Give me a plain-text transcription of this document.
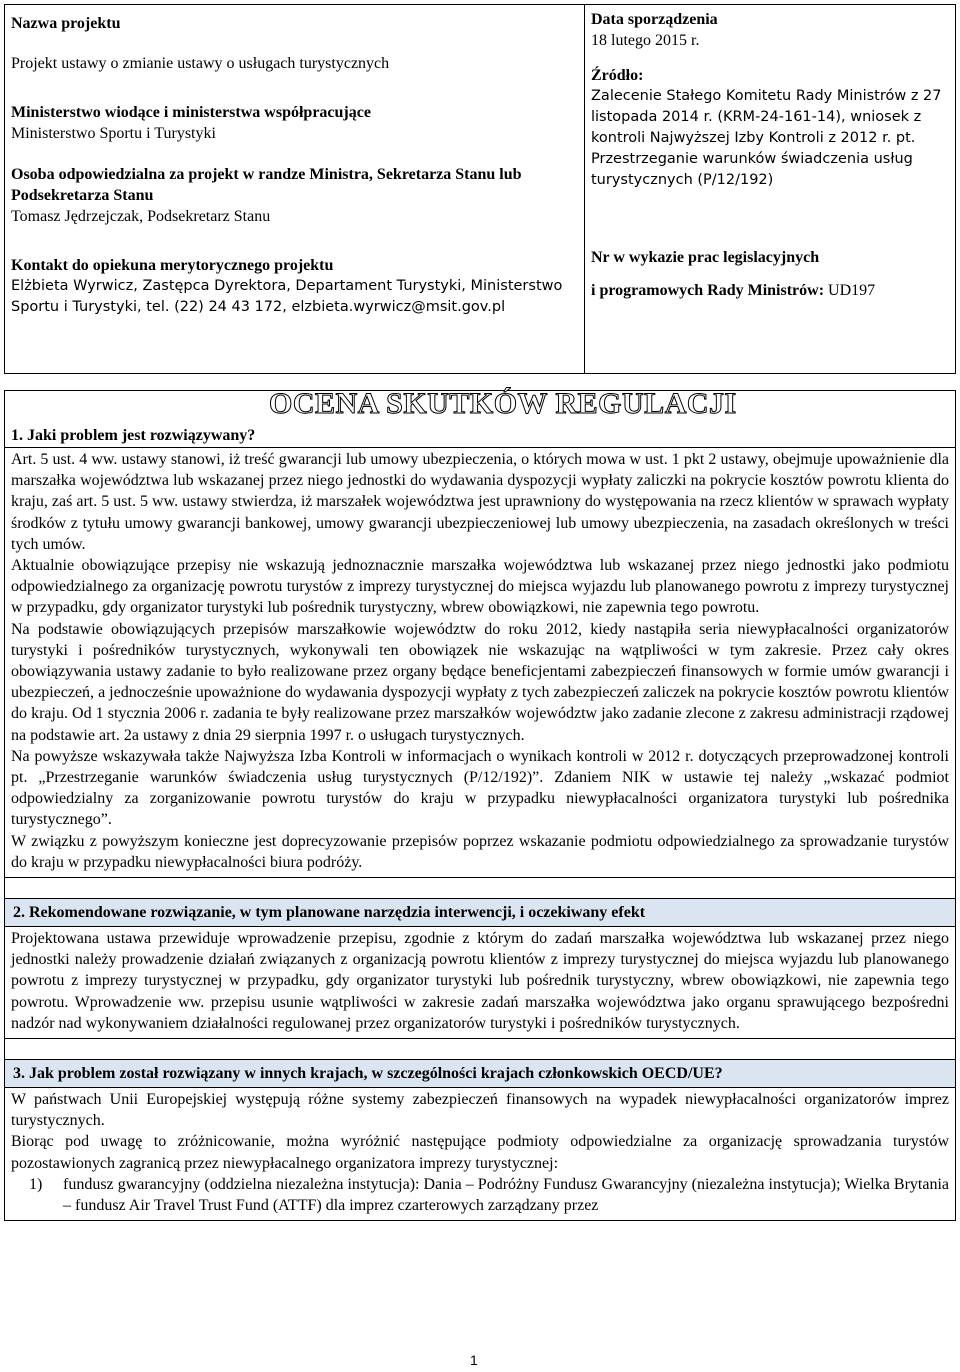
Nazwa projektu

Projekt ustawy o zmianie ustawy o usługach turystycznych

Ministerstwo wiodące i ministerstwa współpracujące

Ministerstwo Sportu i Turystyki

Osoba odpowiedzialna za projekt w randze Ministra, Sekretarza Stanu lub Podsekretarza Stanu

Tomasz Jędrzejczak, Podsekretarz Stanu

Kontakt do opiekuna merytorycznego projektu

Elżbieta Wyrwicz, Zastępca Dyrektora, Departament Turystyki, Ministerstwo Sportu i Turystyki, tel. (22) 24 43 172, elzbieta.wyrwicz@msit.gov.pl

Data sporządzenia

18 lutego 2015 r.

Źródło:

Zalecenie Stałego Komitetu Rady Ministrów z 27 listopada 2014 r. (KRM-24-161-14), wniosek z kontroli Najwyższej Izby Kontroli z 2012 r. pt. Przestrzeganie warunków świadczenia usług turystycznych (P/12/192)

Nr w wykazie prac legislacyjnych

i programowych Rady Ministrów: UD197

OCENA SKUTKÓW REGULACJI
1. Jaki problem jest rozwiązywany?

Art. 5 ust. 4 ww. ustawy stanowi, iż treść gwarancji lub umowy ubezpieczenia, o których mowa w ust. 1 pkt 2 ustawy, obejmuje upoważnienie dla marszałka województwa lub wskazanej przez niego jednostki do wydawania dyspozycji wypłaty zaliczki na pokrycie kosztów powrotu klienta do kraju, zaś art. 5 ust. 5 ww. ustawy stwierdza, iż marszałek województwa jest uprawniony do występowania na rzecz klientów w sprawach wypłaty środków z tytułu umowy gwarancji bankowej, umowy gwarancji ubezpieczeniowej lub umowy ubezpieczenia, na zasadach określonych w treści tych umów.

Aktualnie obowiązujące przepisy nie wskazują jednoznacznie marszałka województwa lub wskazanej przez niego jednostki jako podmiotu odpowiedzialnego za organizację powrotu turystów z imprezy turystycznej do miejsca wyjazdu lub planowanego powrotu z imprezy turystycznej w przypadku, gdy organizator turystyki lub pośrednik turystyczny, wbrew obowiązkowi, nie zapewnia tego powrotu.

Na podstawie obowiązujących przepisów marszałkowie województw do roku 2012, kiedy nastąpiła seria niewypłacalności organizatorów turystyki i pośredników turystycznych, wykonywali ten obowiązek nie wskazując na wątpliwości w tym zakresie. Przez cały okres obowiązywania ustawy zadanie to było realizowane przez organy będące beneficjentami zabezpieczeń finansowych w formie umów gwarancji i ubezpieczeń, a jednocześnie upoważnione do wydawania dyspozycji wypłaty z tych zabezpieczeń zaliczek na pokrycie kosztów powrotu klientów do kraju. Od 1 stycznia 2006 r. zadania te były realizowane przez marszałków województw jako zadanie zlecone z zakresu administracji rządowej na podstawie art. 2a ustawy z dnia 29 sierpnia 1997 r. o usługach turystycznych.

Na powyższe wskazywała także Najwyższa Izba Kontroli w informacjach o wynikach kontroli w 2012 r. dotyczących przeprowadzonej kontroli pt. „Przestrzeganie warunków świadczenia usług turystycznych (P/12/192)”. Zdaniem NIK w ustawie tej należy „wskazać podmiot odpowiedzialny za zorganizowanie powrotu turystów do kraju w przypadku niewypłacalności organizatora turystyki lub pośrednika turystycznego”.

W związku z powyższym konieczne jest doprecyzowanie przepisów poprzez wskazanie podmiotu odpowiedzialnego za sprowadzanie turystów do kraju w przypadku niewypłacalności biura podróży.

2. Rekomendowane rozwiązanie, w tym planowane narzędzia interwencji, i oczekiwany efekt

Projektowana ustawa przewiduje wprowadzenie przepisu, zgodnie z którym do zadań marszałka województwa lub wskazanej przez niego jednostki należy prowadzenie działań związanych z organizacją powrotu klientów z imprezy turystycznej do miejsca wyjazdu lub planowanego powrotu z imprezy turystycznej w przypadku, gdy organizator turystyki lub pośrednik turystyczny, wbrew obowiązkowi, nie zapewnia tego powrotu. Wprowadzenie ww. przepisu usunie wątpliwości w zakresie zadań marszałka województwa jako organu sprawującego bezpośredni nadzór nad wykonywaniem działalności regulowanej przez organizatorów turystyki i pośredników turystycznych.

3. Jak problem został rozwiązany w innych krajach, w szczególności krajach członkowskich OECD/UE?

W państwach Unii Europejskiej występują różne systemy zabezpieczeń finansowych na wypadek niewypłacalności organizatorów imprez turystycznych.

Biorąc pod uwagę to zróżnicowanie, można wyróżnić następujące podmioty odpowiedzialne za organizację sprowadzania turystów pozostawionych zagranicą przez niewypłacalnego organizatora imprezy turystycznej:

1)	fundusz gwarancyjny (oddzielna niezależna instytucja): Dania – Podróżny Fundusz Gwarancyjny (niezależna instytucja); Wielka Brytania – fundusz Air Travel Trust Fund (ATTF) dla imprez czarterowych zarządzany przez
1
